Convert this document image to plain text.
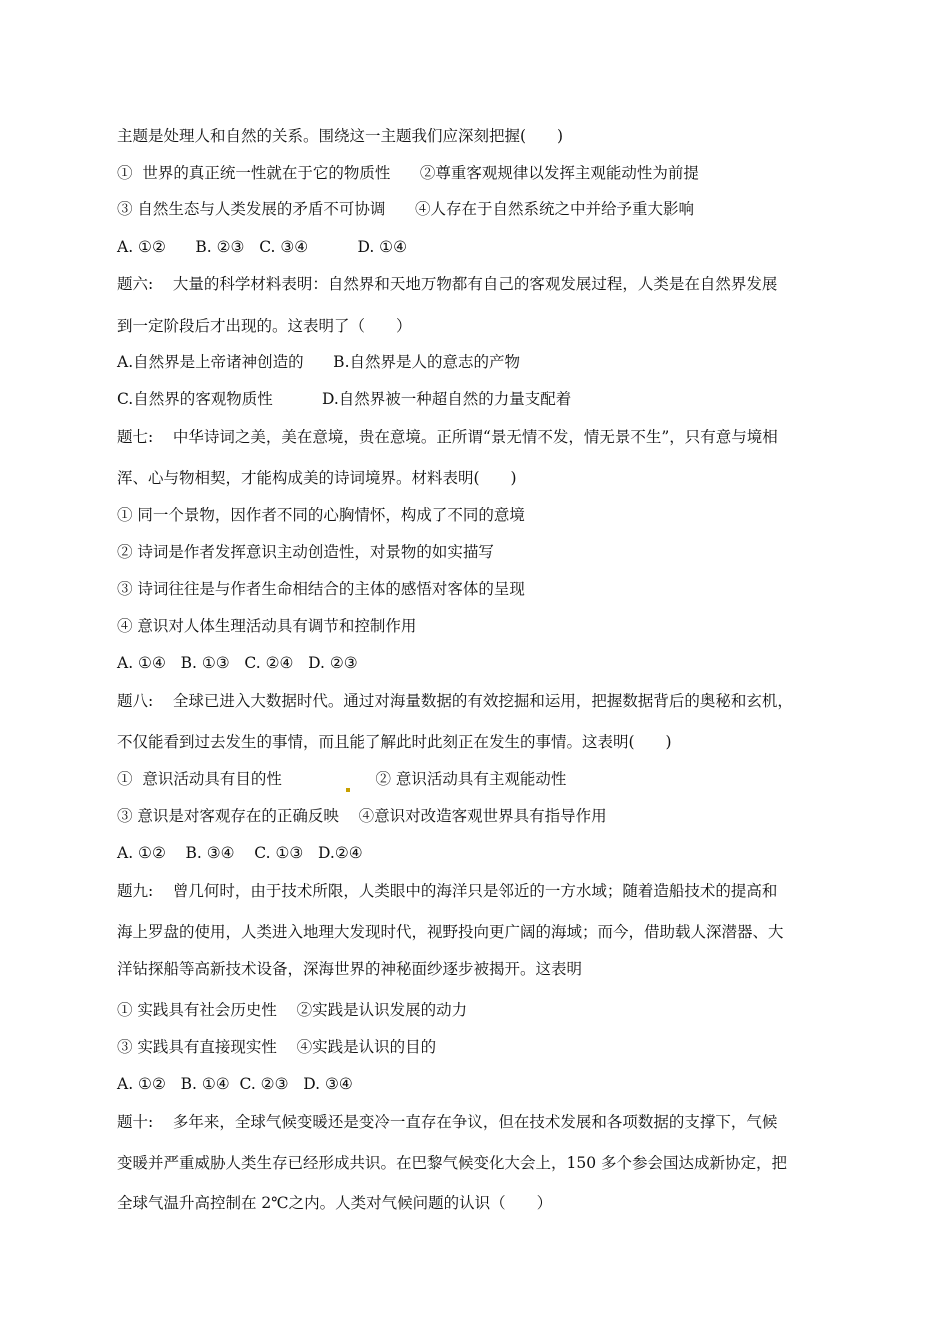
主题是处理人和自然的关系。围绕这一主题我们应深刻把握(　　)
①  世界的真正统一性就在于它的物质性      ②尊重客观规律以发挥主观能动性为前提
③ 自然生态与人类发展的矛盾不可协调      ④人存在于自然系统之中并给予重大影响
A. ①②      B. ②③   C. ③④          D. ①④
题六:    大量的科学材料表明：自然界和天地万物都有自己的客观发展过程，人类是在自然界发展
到一定阶段后才出现的。这表明了（　　）
A.自然界是上帝诸神创造的      B.自然界是人的意志的产物
C.自然界的客观物质性          D.自然界被一种超自然的力量支配着
题七:    中华诗词之美，美在意境，贵在意境。正所谓“景无情不发，情无景不生”，只有意与境相
浑、心与物相契，才能构成美的诗词境界。材料表明(　　)
① 同一个景物，因作者不同的心胸情怀，构成了不同的意境
② 诗词是作者发挥意识主动创造性，对景物的如实描写
③ 诗词往往是与作者生命相结合的主体的感悟对客体的呈现
④ 意识对人体生理活动具有调节和控制作用
A. ①④   B. ①③   C. ②④   D. ②③
题八:    全球已进入大数据时代。通过对海量数据的有效挖掘和运用，把握数据背后的奥秘和玄机，
不仅能看到过去发生的事情，而且能了解此时此刻正在发生的事情。这表明(　　)
①  意识活动具有目的性                   ② 意识活动具有主观能动性
③ 意识是对客观存在的正确反映    ④意识对改造客观世界具有指导作用
A. ①②    B. ③④    C. ①③   D.②④
题九:    曾几何时，由于技术所限，人类眼中的海洋只是邻近的一方水域；随着造船技术的提高和
海上罗盘的使用，人类进入地理大发现时代，视野投向更广阔的海域；而今，借助载人深潜器、大
洋钻探船等高新技术设备，深海世界的神秘面纱逐步被揭开。这表明
① 实践具有社会历史性    ②实践是认识发展的动力
③ 实践具有直接现实性    ④实践是认识的目的
A. ①②   B. ①④  C. ②③   D. ③④
题十:    多年来，全球气候变暖还是变冷一直存在争议，但在技术发展和各项数据的支撑下，气候
变暖并严重威胁人类生存已经形成共识。在巴黎气候变化大会上，150 多个参会国达成新协定，把
全球气温升高控制在 2℃之内。人类对气候问题的认识（　　）
